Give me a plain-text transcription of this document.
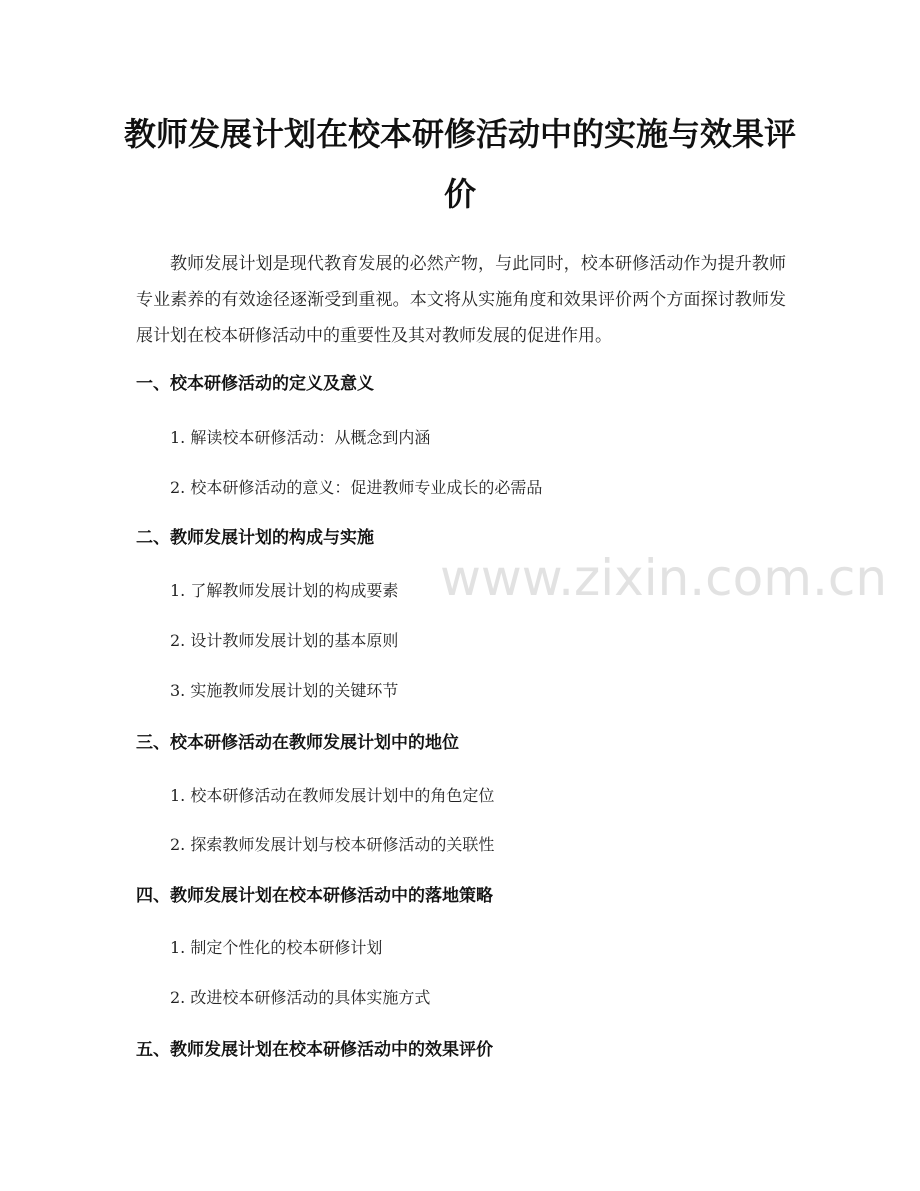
教师发展计划在校本研修活动中的实施与效果评价

教师发展计划是现代教育发展的必然产物，与此同时，校本研修活动作为提升教师专业素养的有效途径逐渐受到重视。本文将从实施角度和效果评价两个方面探讨教师发展计划在校本研修活动中的重要性及其对教师发展的促进作用。

一、校本研修活动的定义及意义

1. 解读校本研修活动：从概念到内涵

2. 校本研修活动的意义：促进教师专业成长的必需品

二、教师发展计划的构成与实施

1. 了解教师发展计划的构成要素

2. 设计教师发展计划的基本原则

3. 实施教师发展计划的关键环节

三、校本研修活动在教师发展计划中的地位

1. 校本研修活动在教师发展计划中的角色定位

2. 探索教师发展计划与校本研修活动的关联性

四、教师发展计划在校本研修活动中的落地策略

1. 制定个性化的校本研修计划

2. 改进校本研修活动的具体实施方式

五、教师发展计划在校本研修活动中的效果评价
www.zixin.com.cn
